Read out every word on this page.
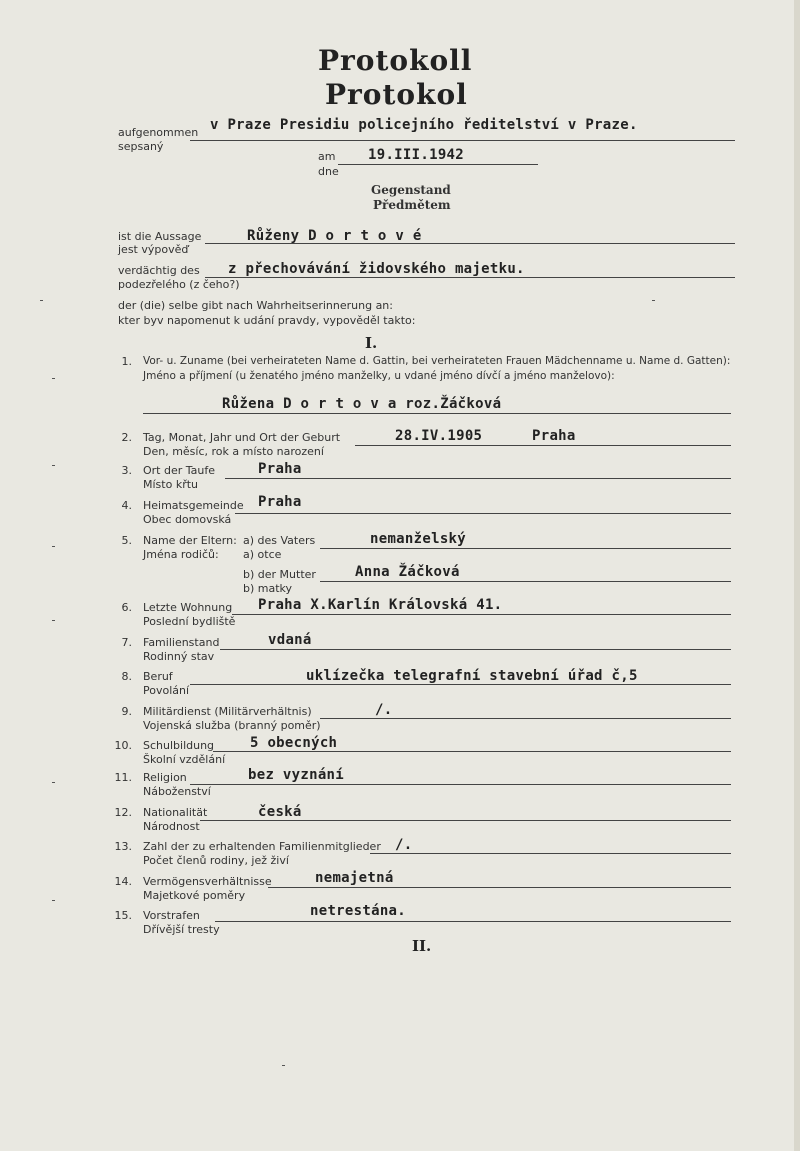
Protokoll
Protokol
aufgenommen
sepsaný
v Praze Presidiu policejního ředitelství v Praze.
am
dne
19.III.1942
Gegenstand
Předmětem
ist die Aussage
jest výpověď
Růženy D o r t o v é
verdächtig des
podezřelého (z čeho?)
z přechovávání židovského majetku.
der (die) selbe gibt nach Wahrheitserinnerung an:
kter byv napomenut k udání pravdy, vypověděl takto:
I.
1. Vor- u. Zuname (bei verheirateten Name d. Gattin, bei verheirateten Frauen Mädchenname u. Name d. Gatten):
Jméno a příjmení (u ženatého jméno manželky, u vdané jméno dívčí a jméno manželovo):
Růžena D o r t o v a roz.Žáčková
2. Tag, Monat, Jahr und Ort der Geburt
Den, měsíc, rok a místo narození
28.IV.1905	Praha
3. Ort der Taufe
Místo křtu
Praha
4. Heimatsgemeinde
Obec domovská
Praha
5. Name der Eltern:
Jména rodičů:
a) des Vaters
a) otce
nemanželský
b) der Mutter
b) matky
Anna Žáčková
6. Letzte Wohnung
Poslední bydliště
Praha X.Karlín Královská 41.
7. Familienstand
Rodinný stav
vdaná
8. Beruf
Povolání
uklízečka telegrafní stavební úřad č,5
9. Militärdienst (Militärverhältnis)
Vojenská služba (branný poměr)
/.
10. Schulbildung
Školní vzdělání
5 obecných
11. Religion
Náboženství
bez vyznání
12. Nationalität
Národnost
česká
13. Zahl der zu erhaltenden Familienmitglieder
Počet členů rodiny, jež živí
/.
14. Vermögensverhältnisse
Majetkové poměry
nemajetná
15. Vorstrafen
Dřívější tresty
netrestána.
II.
